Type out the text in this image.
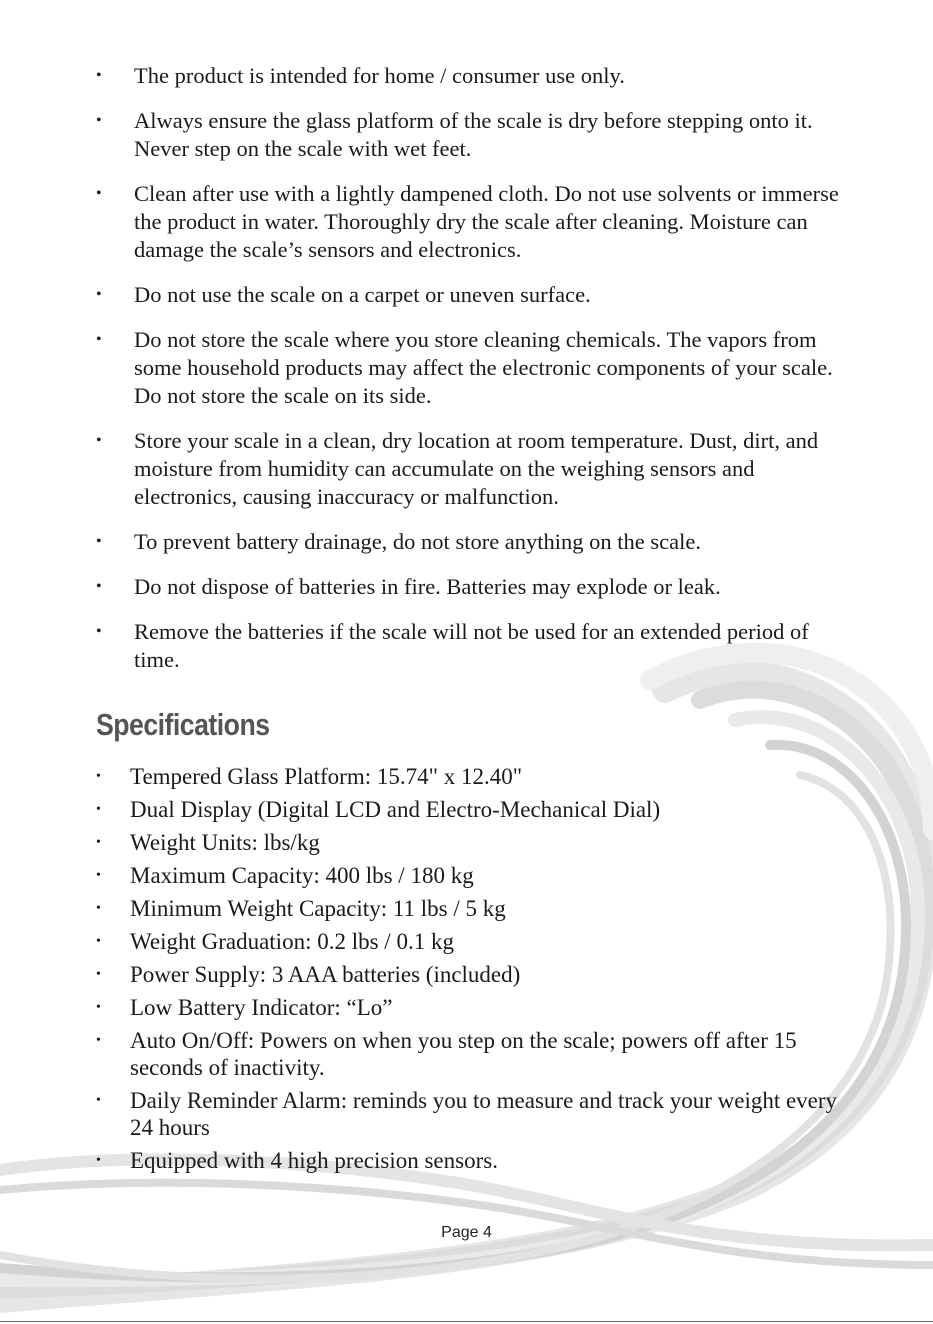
• The product is intended for home / consumer use only.
• Always ensure the glass platform of the scale is dry before stepping onto it. Never step on the scale with wet feet.
• Clean after use with a lightly dampened cloth. Do not use solvents or immerse the product in water. Thoroughly dry the scale after cleaning. Moisture can damage the scale’s sensors and electronics.
• Do not use the scale on a carpet or uneven surface.
• Do not store the scale where you store cleaning chemicals. The vapors from some household products may affect the electronic components of your scale. Do not store the scale on its side.
• Store your scale in a clean, dry location at room temperature. Dust, dirt, and moisture from humidity can accumulate on the weighing sensors and electronics, causing inaccuracy or malfunction.
• To prevent battery drainage, do not store anything on the scale.
• Do not dispose of batteries in fire. Batteries may explode or leak.
• Remove the batteries if the scale will not be used for an extended period of time.
Specifications
• Tempered Glass Platform: 15.74" x 12.40"
• Dual Display (Digital LCD and Electro-Mechanical Dial)
• Weight Units: lbs/kg
• Maximum Capacity: 400 lbs / 180 kg
• Minimum Weight Capacity: 11 lbs / 5 kg
• Weight Graduation: 0.2 lbs / 0.1 kg
• Power Supply: 3 AAA batteries (included)
• Low Battery Indicator: “Lo”
• Auto On/Off: Powers on when you step on the scale; powers off after 15 seconds of inactivity.
• Daily Reminder Alarm: reminds you to measure and track your weight every 24 hours
• Equipped with 4 high precision sensors.
Page 4
